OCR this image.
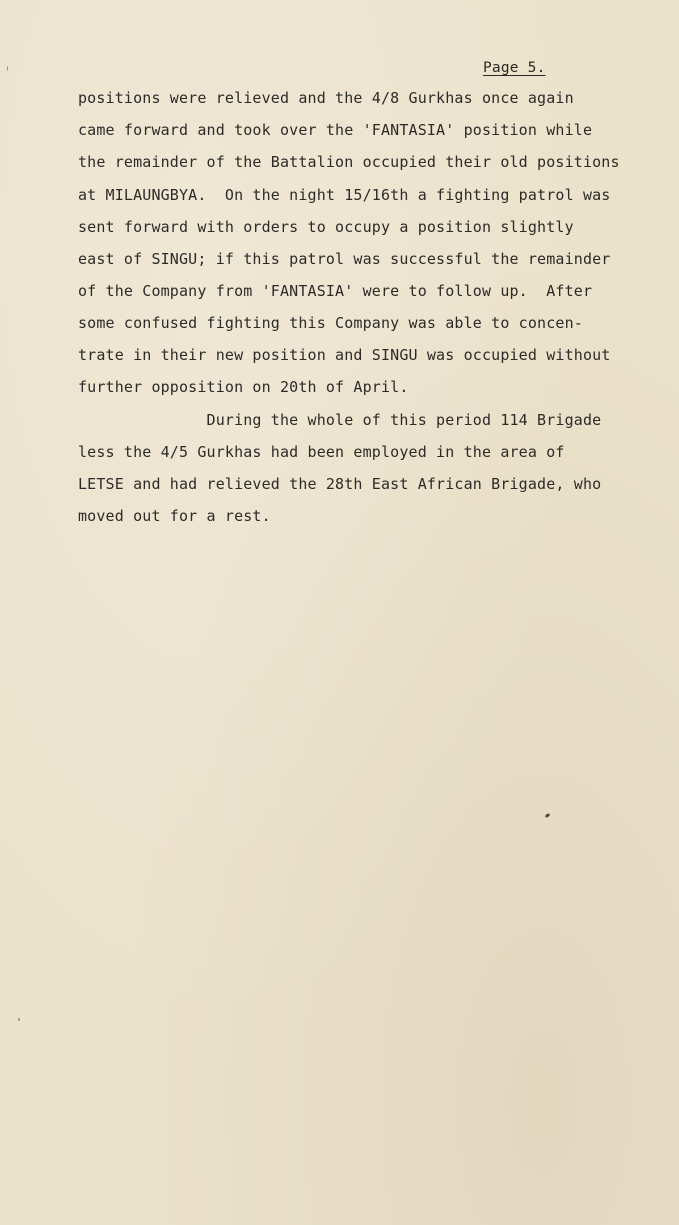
Page 5.
positions were relieved and the 4/8 Gurkhas once again
came forward and took over the 'FANTASIA' position while
the remainder of the Battalion occupied their old positions
at MILAUNGBYA.  On the night 15/16th a fighting patrol was
sent forward with orders to occupy a position slightly
east of SINGU; if this patrol was successful the remainder
of the Company from 'FANTASIA' were to follow up.  After
some confused fighting this Company was able to concen-
trate in their new position and SINGU was occupied without
further opposition on 20th of April.
During the whole of this period 114 Brigade
less the 4/5 Gurkhas had been employed in the area of
LETSE and had relieved the 28th East African Brigade, who
moved out for a rest.
